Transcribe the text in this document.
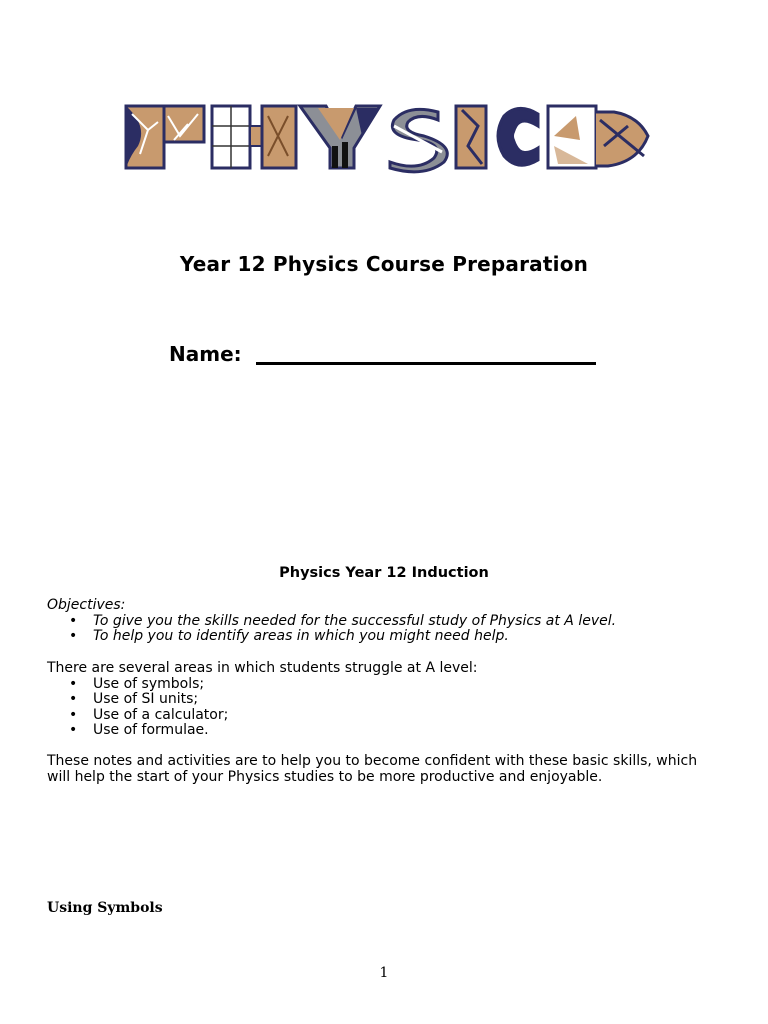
Year 12 Physics Course Preparation
Name:
Physics Year 12 Induction
Objectives:
• To give you the skills needed for the successful study of Physics at A level.
• To help you to identify areas in which you might need help.
There are several areas in which students struggle at A level:
• Use of symbols;
• Use of SI units;
• Use of a calculator;
• Use of formulae.
These notes and activities are to help you to become confident with these basic skills, which
will help the start of your Physics studies to be more productive and enjoyable.
Using Symbols
1
